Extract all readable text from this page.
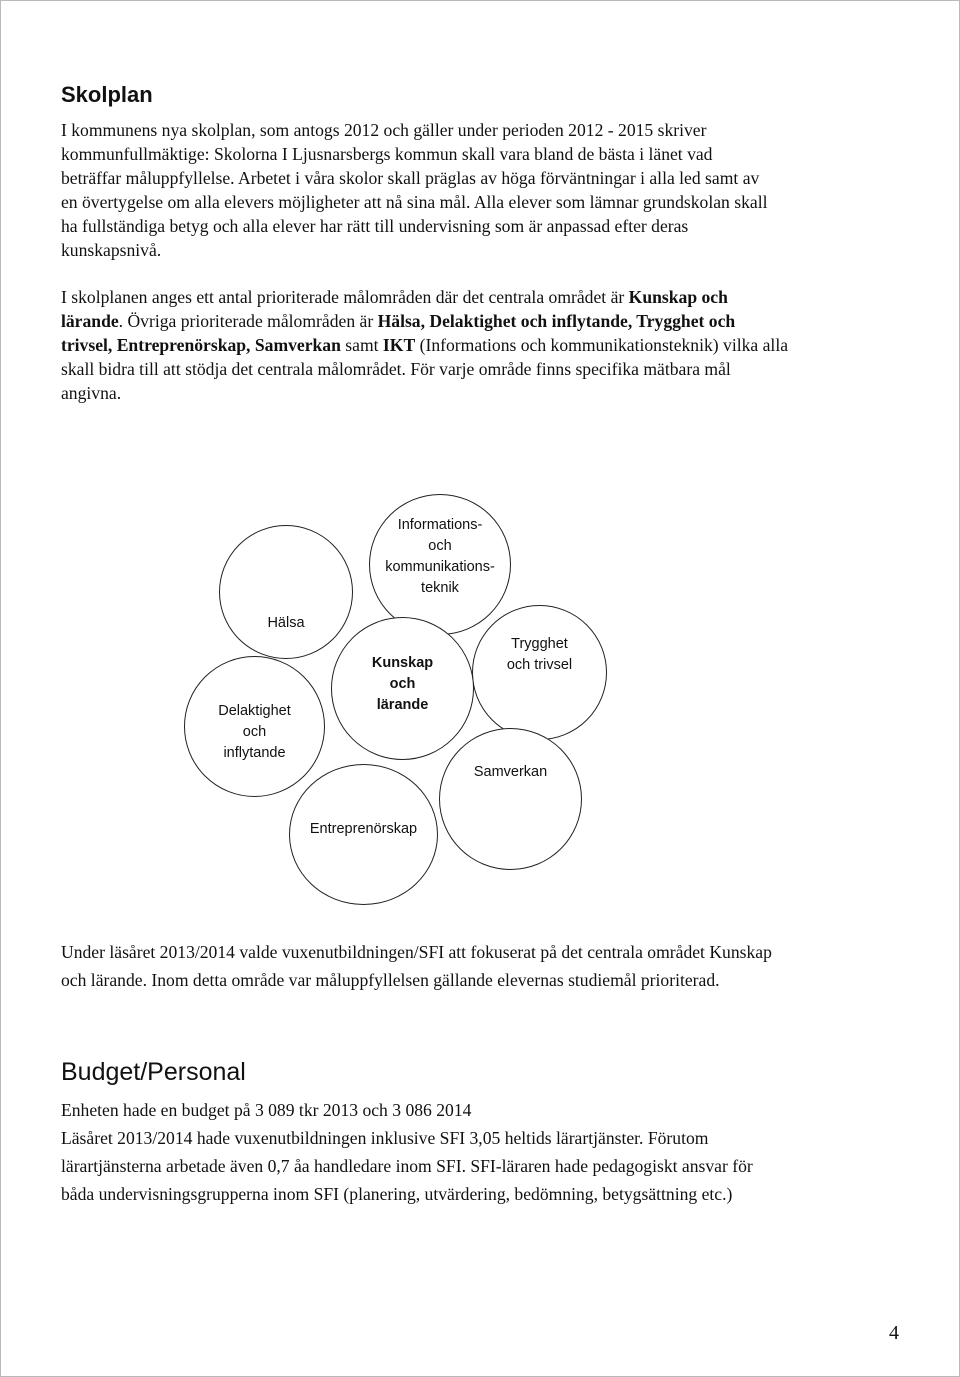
Skolplan

I kommunens nya skolplan, som antogs 2012 och gäller under perioden 2012 - 2015 skriver
kommunfullmäktige: Skolorna I Ljusnarsbergs kommun skall vara bland de bästa i länet vad
beträffar måluppfyllelse. Arbetet i våra skolor skall präglas av höga förväntningar i alla led samt av
en övertygelse om alla elevers möjligheter att nå sina mål. Alla elever som lämnar grundskolan skall
ha fullständiga betyg och alla elever har rätt till undervisning som är anpassad efter deras
kunskapsnivå.

I skolplanen anges ett antal prioriterade målområden där det centrala området är Kunskap och
lärande. Övriga prioriterade målområden är Hälsa, Delaktighet och inflytande, Trygghet och
trivsel, Entreprenörskap, Samverkan samt IKT (Informations och kommunikationsteknik) vilka alla
skall bidra till att stödja det centrala målområdet. För varje område finns specifika mätbara mål
angivna.

Hälsa
Informations-
och
kommunikations-
teknik
Trygghet
och trivsel
Kunskap
och
lärande
Delaktighet
och
inflytande
Samverkan
Entreprenörskap

Under läsåret 2013/2014 valde vuxenutbildningen/SFI att fokuserat på det centrala området Kunskap
och lärande. Inom detta område var måluppfyllelsen gällande elevernas studiemål prioriterad.

Budget/Personal

Enheten hade en budget på 3 089 tkr 2013 och 3 086 2014
Läsåret 2013/2014 hade vuxenutbildningen inklusive SFI 3,05 heltids lärartjänster. Förutom
lärartjänsterna arbetade även 0,7 åa handledare inom SFI. SFI-läraren hade pedagogiskt ansvar för
båda undervisningsgrupperna inom SFI (planering, utvärdering, bedömning, betygsättning etc.)

4
